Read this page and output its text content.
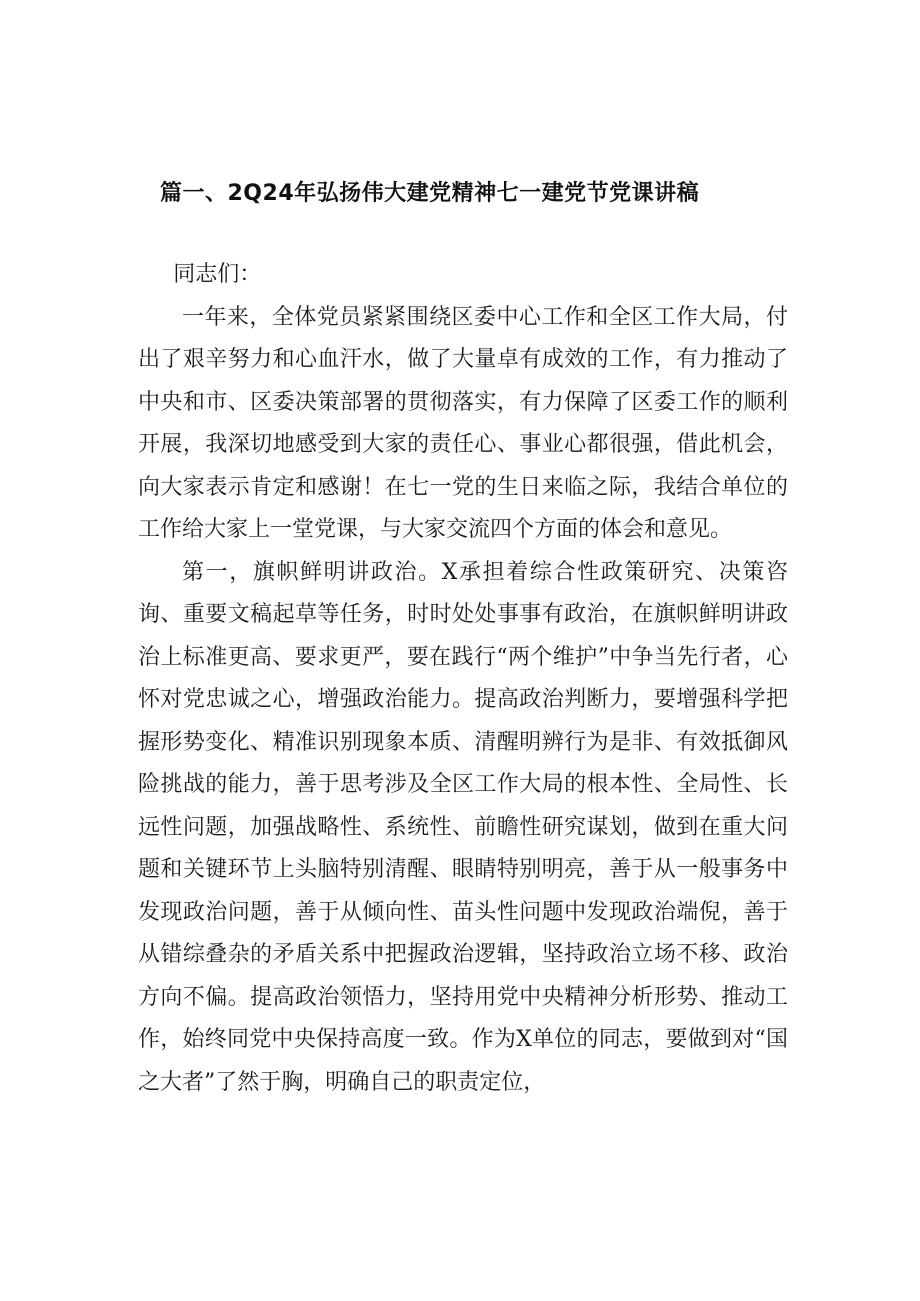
篇一、2Q24年弘扬伟大建党精神七一建党节党课讲稿

同志们：

一年来，全体党员紧紧围绕区委中心工作和全区工作大局，付出了艰辛努力和心血汗水，做了大量卓有成效的工作，有力推动了中央和市、区委决策部署的贯彻落实，有力保障了区委工作的顺利开展，我深切地感受到大家的责任心、事业心都很强，借此机会，向大家表示肯定和感谢！在七一党的生日来临之际，我结合单位的工作给大家上一堂党课，与大家交流四个方面的体会和意见。

第一，旗帜鲜明讲政治。X承担着综合性政策研究、决策咨询、重要文稿起草等任务，时时处处事事有政治，在旗帜鲜明讲政治上标准更高、要求更严，要在践行“两个维护”中争当先行者，心怀对党忠诚之心，增强政治能力。提高政治判断力，要增强科学把握形势变化、精准识别现象本质、清醒明辨行为是非、有效抵御风险挑战的能力，善于思考涉及全区工作大局的根本性、全局性、长远性问题，加强战略性、系统性、前瞻性研究谋划，做到在重大问题和关键环节上头脑特别清醒、眼睛特别明亮，善于从一般事务中发现政治问题，善于从倾向性、苗头性问题中发现政治端倪，善于从错综叠杂的矛盾关系中把握政治逻辑，坚持政治立场不移、政治方向不偏。提高政治领悟力，坚持用党中央精神分析形势、推动工作，始终同党中央保持高度一致。作为X单位的同志，要做到对“国之大者”了然于胸，明确自己的职责定位，
